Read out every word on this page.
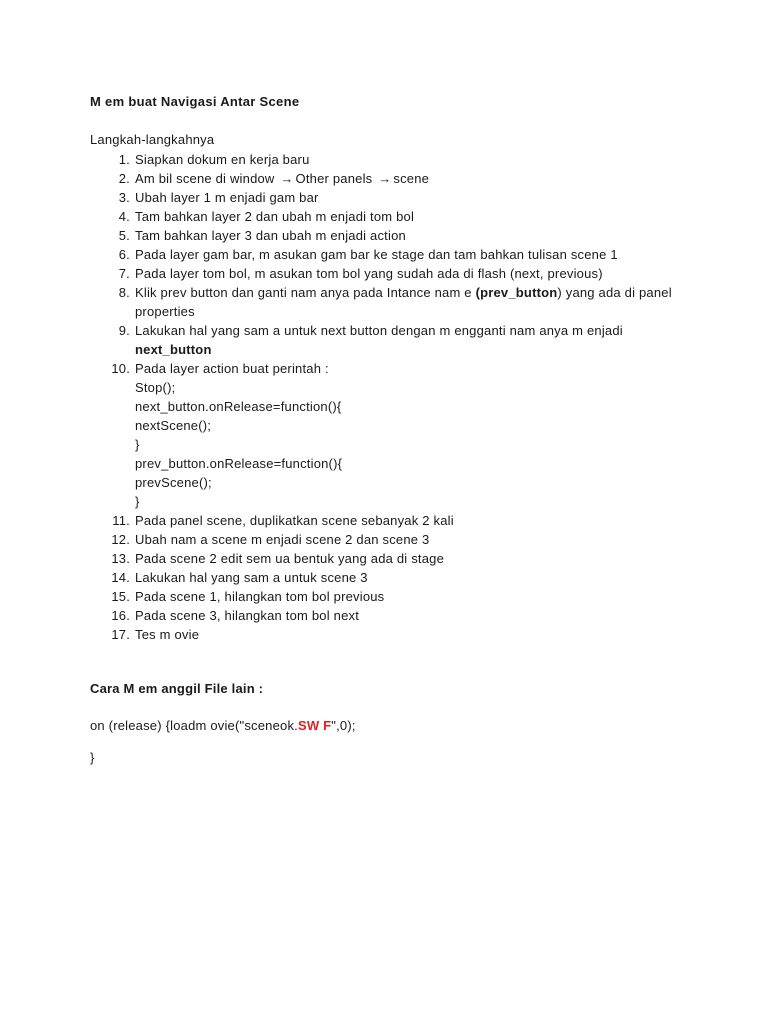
M em buat Navigasi Antar Scene
Langkah-langkahnya
1. Siapkan dokum en kerja baru
2. Am bil scene di window → Other panels → scene
3. Ubah layer 1 m enjadi gam bar
4. Tam bahkan layer 2 dan ubah m enjadi tom bol
5. Tam bahkan layer 3 dan ubah m enjadi action
6. Pada layer gam bar, m asukan gam bar ke stage dan tam bahkan tulisan scene 1
7. Pada layer tom bol, m asukan tom bol yang sudah ada di flash (next, previous)
8. Klik prev button dan ganti nam anya pada Intance nam e (prev_button) yang ada di panel properties
9. Lakukan hal yang sam a untuk next button dengan m engganti nam anya m enjadi
next_button
10. Pada layer action buat perintah :
Stop();
next_button.onRelease=function(){
nextScene();
}
prev_button.onRelease=function(){
prevScene();
}
11. Pada panel scene, duplikatkan scene sebanyak 2 kali
12. Ubah nam a scene m enjadi scene 2 dan scene 3
13. Pada scene 2 edit sem ua bentuk yang ada di stage
14. Lakukan hal yang sam a untuk scene 3
15. Pada scene 1, hilangkan tom bol previous
16. Pada scene 3, hilangkan tom bol next
17. Tes m ovie
Cara M em anggil File lain :
on (release) {loadm ovie("sceneok.SW F",0);
}
